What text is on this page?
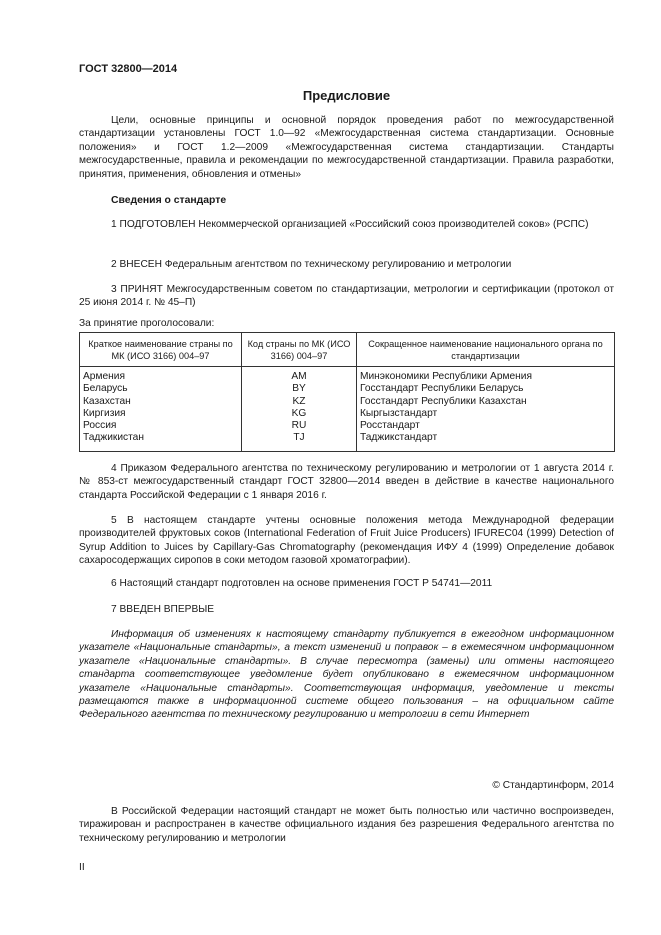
ГОСТ 32800—2014
Предисловие

Цели, основные принципы и основной порядок проведения работ по межгосударственной стандартизации установлены ГОСТ 1.0—92 «Межгосударственная система стандартизации. Основные положения» и ГОСТ 1.2—2009 «Межгосударственная система стандартизации. Стандарты межгосударственные, правила и рекомендации по межгосударственной стандартизации. Правила разработки, принятия, применения, обновления и отмены»

Сведения о стандарте

1 ПОДГОТОВЛЕН Некоммерческой организацией «Российский союз производителей соков» (РСПС)

2 ВНЕСЕН Федеральным агентством по техническому регулированию и метрологии

3 ПРИНЯТ Межгосударственным советом по стандартизации, метрологии и сертификации (протокол от 25 июня 2014 г. № 45–П)

За принятие проголосовали:
Краткое наименование страны по МК (ИСО 3166) 004–97	Код страны по МК (ИСО 3166) 004–97	Сокращенное наименование национального органа по стандартизации
Армения	AM	Минэкономики Республики Армения
Беларусь	BY	Госстандарт Республики Беларусь
Казахстан	KZ	Госстандарт Республики Казахстан
Киргизия	KG	Кыргызстандарт
Россия	RU	Росстандарт
Таджикистан	TJ	Таджикстандарт

4 Приказом Федерального агентства по техническому регулированию и метрологии от 1 августа 2014 г. № 853-ст межгосударственный стандарт ГОСТ 32800—2014 введен в действие в качестве национального стандарта Российской Федерации с 1 января 2016 г.

5 В настоящем стандарте учтены основные положения метода Международной федерации производителей фруктовых соков (International Federation of Fruit Juice Producers) IFUREC04 (1999) Detection of Syrup Addition to Juices by Capillary-Gas Chromatography (рекомендация ИФУ 4 (1999) Определение добавок сахаросодержащих сиропов в соки методом газовой хроматографии).

6 Настоящий стандарт подготовлен на основе применения ГОСТ Р 54741—2011

7 ВВЕДЕН ВПЕРВЫЕ

Информация об изменениях к настоящему стандарту публикуется в ежегодном информационном указателе «Национальные стандарты», а текст изменений и поправок – в ежемесячном информационном указателе «Национальные стандарты». В случае пересмотра (замены) или отмены настоящего стандарта соответствующее уведомление будет опубликовано в ежемесячном информационном указателе «Национальные стандарты». Соответствующая информация, уведомление и тексты размещаются также в информационной системе общего пользования – на официальном сайте Федерального агентства по техническому регулированию и метрологии в сети Интернет

© Стандартинформ, 2014

В Российской Федерации настоящий стандарт не может быть полностью или частично воспроизведен, тиражирован и распространен в качестве официального издания без разрешения Федерального агентства по техническому регулированию и метрологии

II
